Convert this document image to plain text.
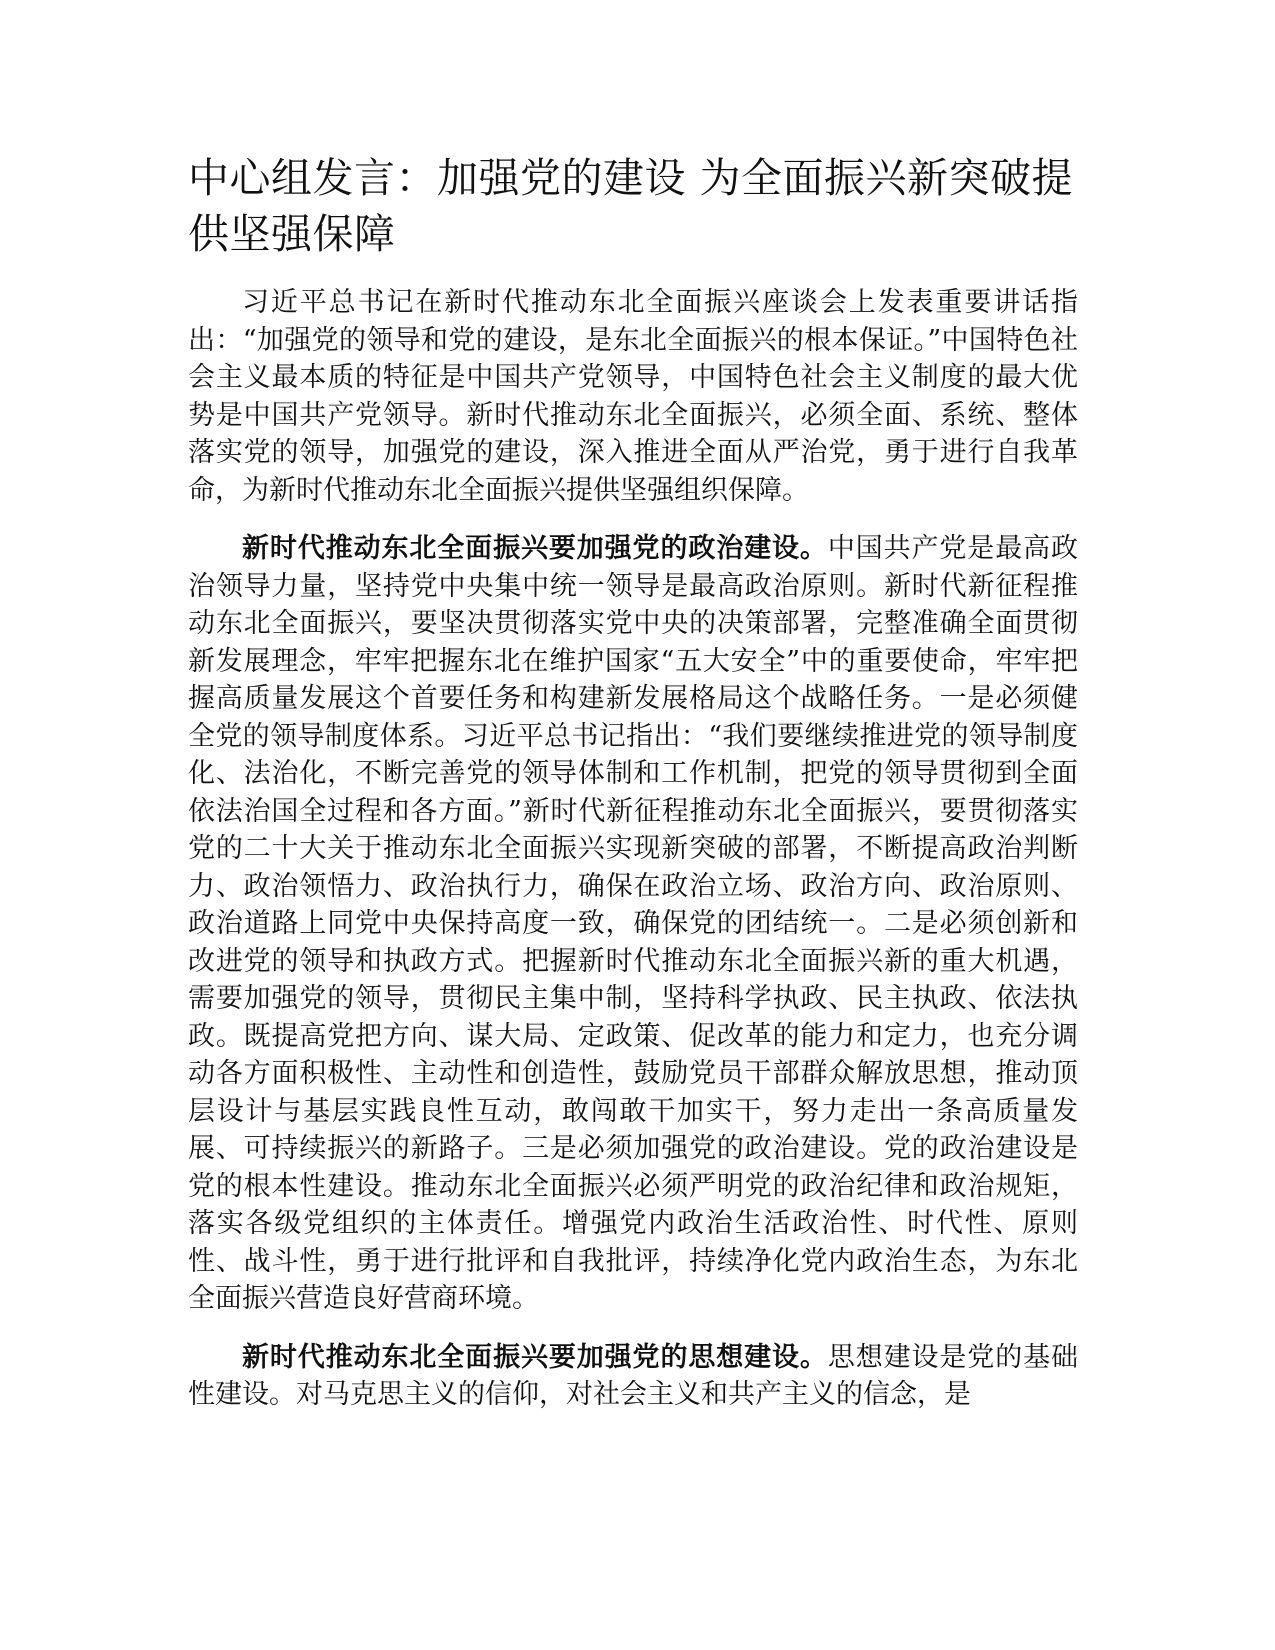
中心组发言：加强党的建设 为全面振兴新突破提供坚强保障

习近平总书记在新时代推动东北全面振兴座谈会上发表重要讲话指出：“加强党的领导和党的建设，是东北全面振兴的根本保证。”中国特色社会主义最本质的特征是中国共产党领导，中国特色社会主义制度的最大优势是中国共产党领导。新时代推动东北全面振兴，必须全面、系统、整体落实党的领导，加强党的建设，深入推进全面从严治党，勇于进行自我革命，为新时代推动东北全面振兴提供坚强组织保障。

新时代推动东北全面振兴要加强党的政治建设。中国共产党是最高政治领导力量，坚持党中央集中统一领导是最高政治原则。新时代新征程推动东北全面振兴，要坚决贯彻落实党中央的决策部署，完整准确全面贯彻新发展理念，牢牢把握东北在维护国家“五大安全”中的重要使命，牢牢把握高质量发展这个首要任务和构建新发展格局这个战略任务。一是必须健全党的领导制度体系。习近平总书记指出：“我们要继续推进党的领导制度化、法治化，不断完善党的领导体制和工作机制，把党的领导贯彻到全面依法治国全过程和各方面。”新时代新征程推动东北全面振兴，要贯彻落实党的二十大关于推动东北全面振兴实现新突破的部署，不断提高政治判断力、政治领悟力、政治执行力，确保在政治立场、政治方向、政治原则、政治道路上同党中央保持高度一致，确保党的团结统一。二是必须创新和改进党的领导和执政方式。把握新时代推动东北全面振兴新的重大机遇，需要加强党的领导，贯彻民主集中制，坚持科学执政、民主执政、依法执政。既提高党把方向、谋大局、定政策、促改革的能力和定力，也充分调动各方面积极性、主动性和创造性，鼓励党员干部群众解放思想，推动顶层设计与基层实践良性互动，敢闯敢干加实干，努力走出一条高质量发展、可持续振兴的新路子。三是必须加强党的政治建设。党的政治建设是党的根本性建设。推动东北全面振兴必须严明党的政治纪律和政治规矩，落实各级党组织的主体责任。增强党内政治生活政治性、时代性、原则性、战斗性，勇于进行批评和自我批评，持续净化党内政治生态，为东北全面振兴营造良好营商环境。

新时代推动东北全面振兴要加强党的思想建设。思想建设是党的基础性建设。对马克思主义的信仰，对社会主义和共产主义的信念，是
